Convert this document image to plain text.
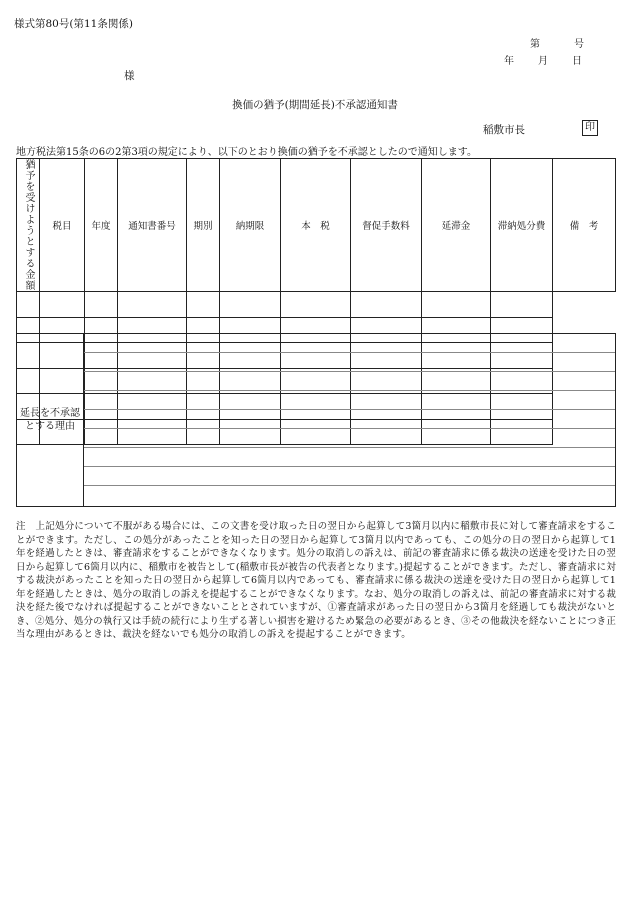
様式第80号(第11条関係)
第	号
年 月 日
様
換価の猶予(期間延長)不承認通知書
稲敷市長	印
地方税法第15条の6の2第3項の規定により、以下のとおり換価の猶予を不承認としたので通知します。
猶予を受けようとする金額	税目	年度	通知書番号	期別	納期限	本　税	督促手数料	延滞金	滞納処分費	備　考

延長を不承認
とする理由
注　上記処分について不服がある場合には、この文書を受け取った日の翌日から起算して3箇月以内に稲敷市長に対して審査請求をすることができます。ただし、この処分があったことを知った日の翌日から起算して3箇月以内であっても、この処分の日の翌日から起算して1年を経過したときは、審査請求をすることができなくなります。処分の取消しの訴えは、前記の審査請求に係る裁決の送達を受けた日の翌日から起算して6箇月以内に、稲敷市を被告として(稲敷市長が被告の代表者となります。)提起することができます。ただし、審査請求に対する裁決があったことを知った日の翌日から起算して6箇月以内であっても、審査請求に係る裁決の送達を受けた日の翌日から起算して1年を経過したときは、処分の取消しの訴えを提起することができなくなります。なお、処分の取消しの訴えは、前記の審査請求に対する裁決を経た後でなければ提起することができないこととされていますが、①審査請求があった日の翌日から3箇月を経過しても裁決がないとき、②処分、処分の執行又は手続の続行により生ずる著しい損害を避けるため緊急の必要があるとき、③その他裁決を経ないことにつき正当な理由があるときは、裁決を経ないでも処分の取消しの訴えを提起することができます。
